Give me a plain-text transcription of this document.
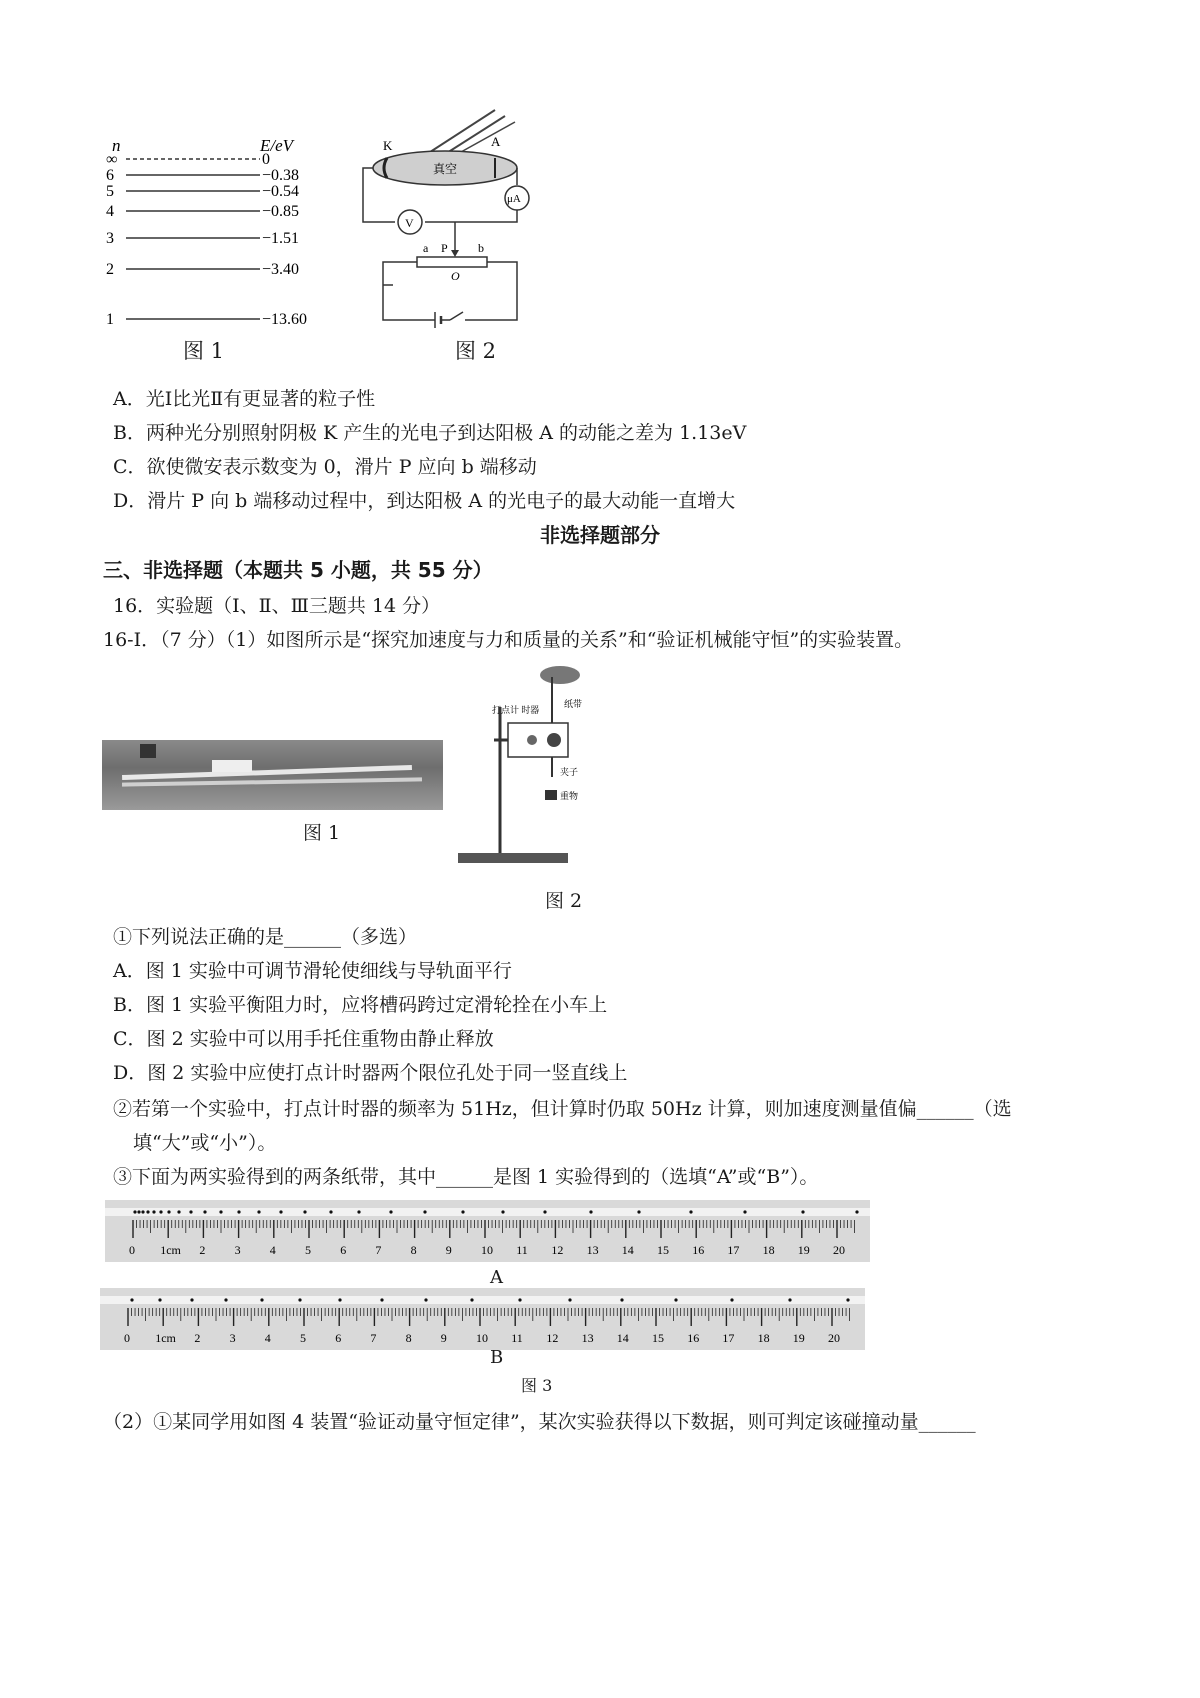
n	E/eV
∞	0
6	−0.38
5	−0.54
4	−0.85
3	−1.51
2	−3.40
1	−13.60
图 1
真空
K	A
μA
V
a P	b
O
图 2
A．光Ⅰ比光Ⅱ有更显著的粒子性
B．两种光分别照射阴极 K 产生的光电子到达阳极 A 的动能之差为 1.13eV
C．欲使微安表示数变为 0，滑片 P 应向 b 端移动
D．滑片 P 向 b 端移动过程中，到达阳极 A 的光电子的最大动能一直增大
非选择题部分
三、非选择题（本题共 5 小题，共 55 分）
16．实验题（Ⅰ、Ⅱ、Ⅲ三题共 14 分）
16-Ⅰ．（7 分）（1）如图所示是“探究加速度与力和质量的关系”和“验证机械能守恒”的实验装置。
图 1
打点计 时器
纸带
夹子
重物
图 2
①下列说法正确的是______（多选）
A．图 1 实验中可调节滑轮使细线与导轨面平行
B．图 1 实验平衡阻力时，应将槽码跨过定滑轮拴在小车上
C．图 2 实验中可以用手托住重物由静止释放
D．图 2 实验中应使打点计时器两个限位孔处于同一竖直线上
②若第一个实验中，打点计时器的频率为 51Hz，但计算时仍取 50Hz 计算，则加速度测量值偏______（选
填“大”或“小”）。
③下面为两实验得到的两条纸带，其中______是图 1 实验得到的（选填“A”或“B”）。
0 1cm 2 3 4 5 6 7 8 9 10 11 12 13 14 15 16 17 18 19 20
A
0 1cm 2 3 4 5 6 7 8 9 10 11 12 13 14 15 16 17 18 19 20
B
图 3
（2）①某同学用如图 4 装置“验证动量守恒定律”，某次实验获得以下数据，则可判定该碰撞动量______
